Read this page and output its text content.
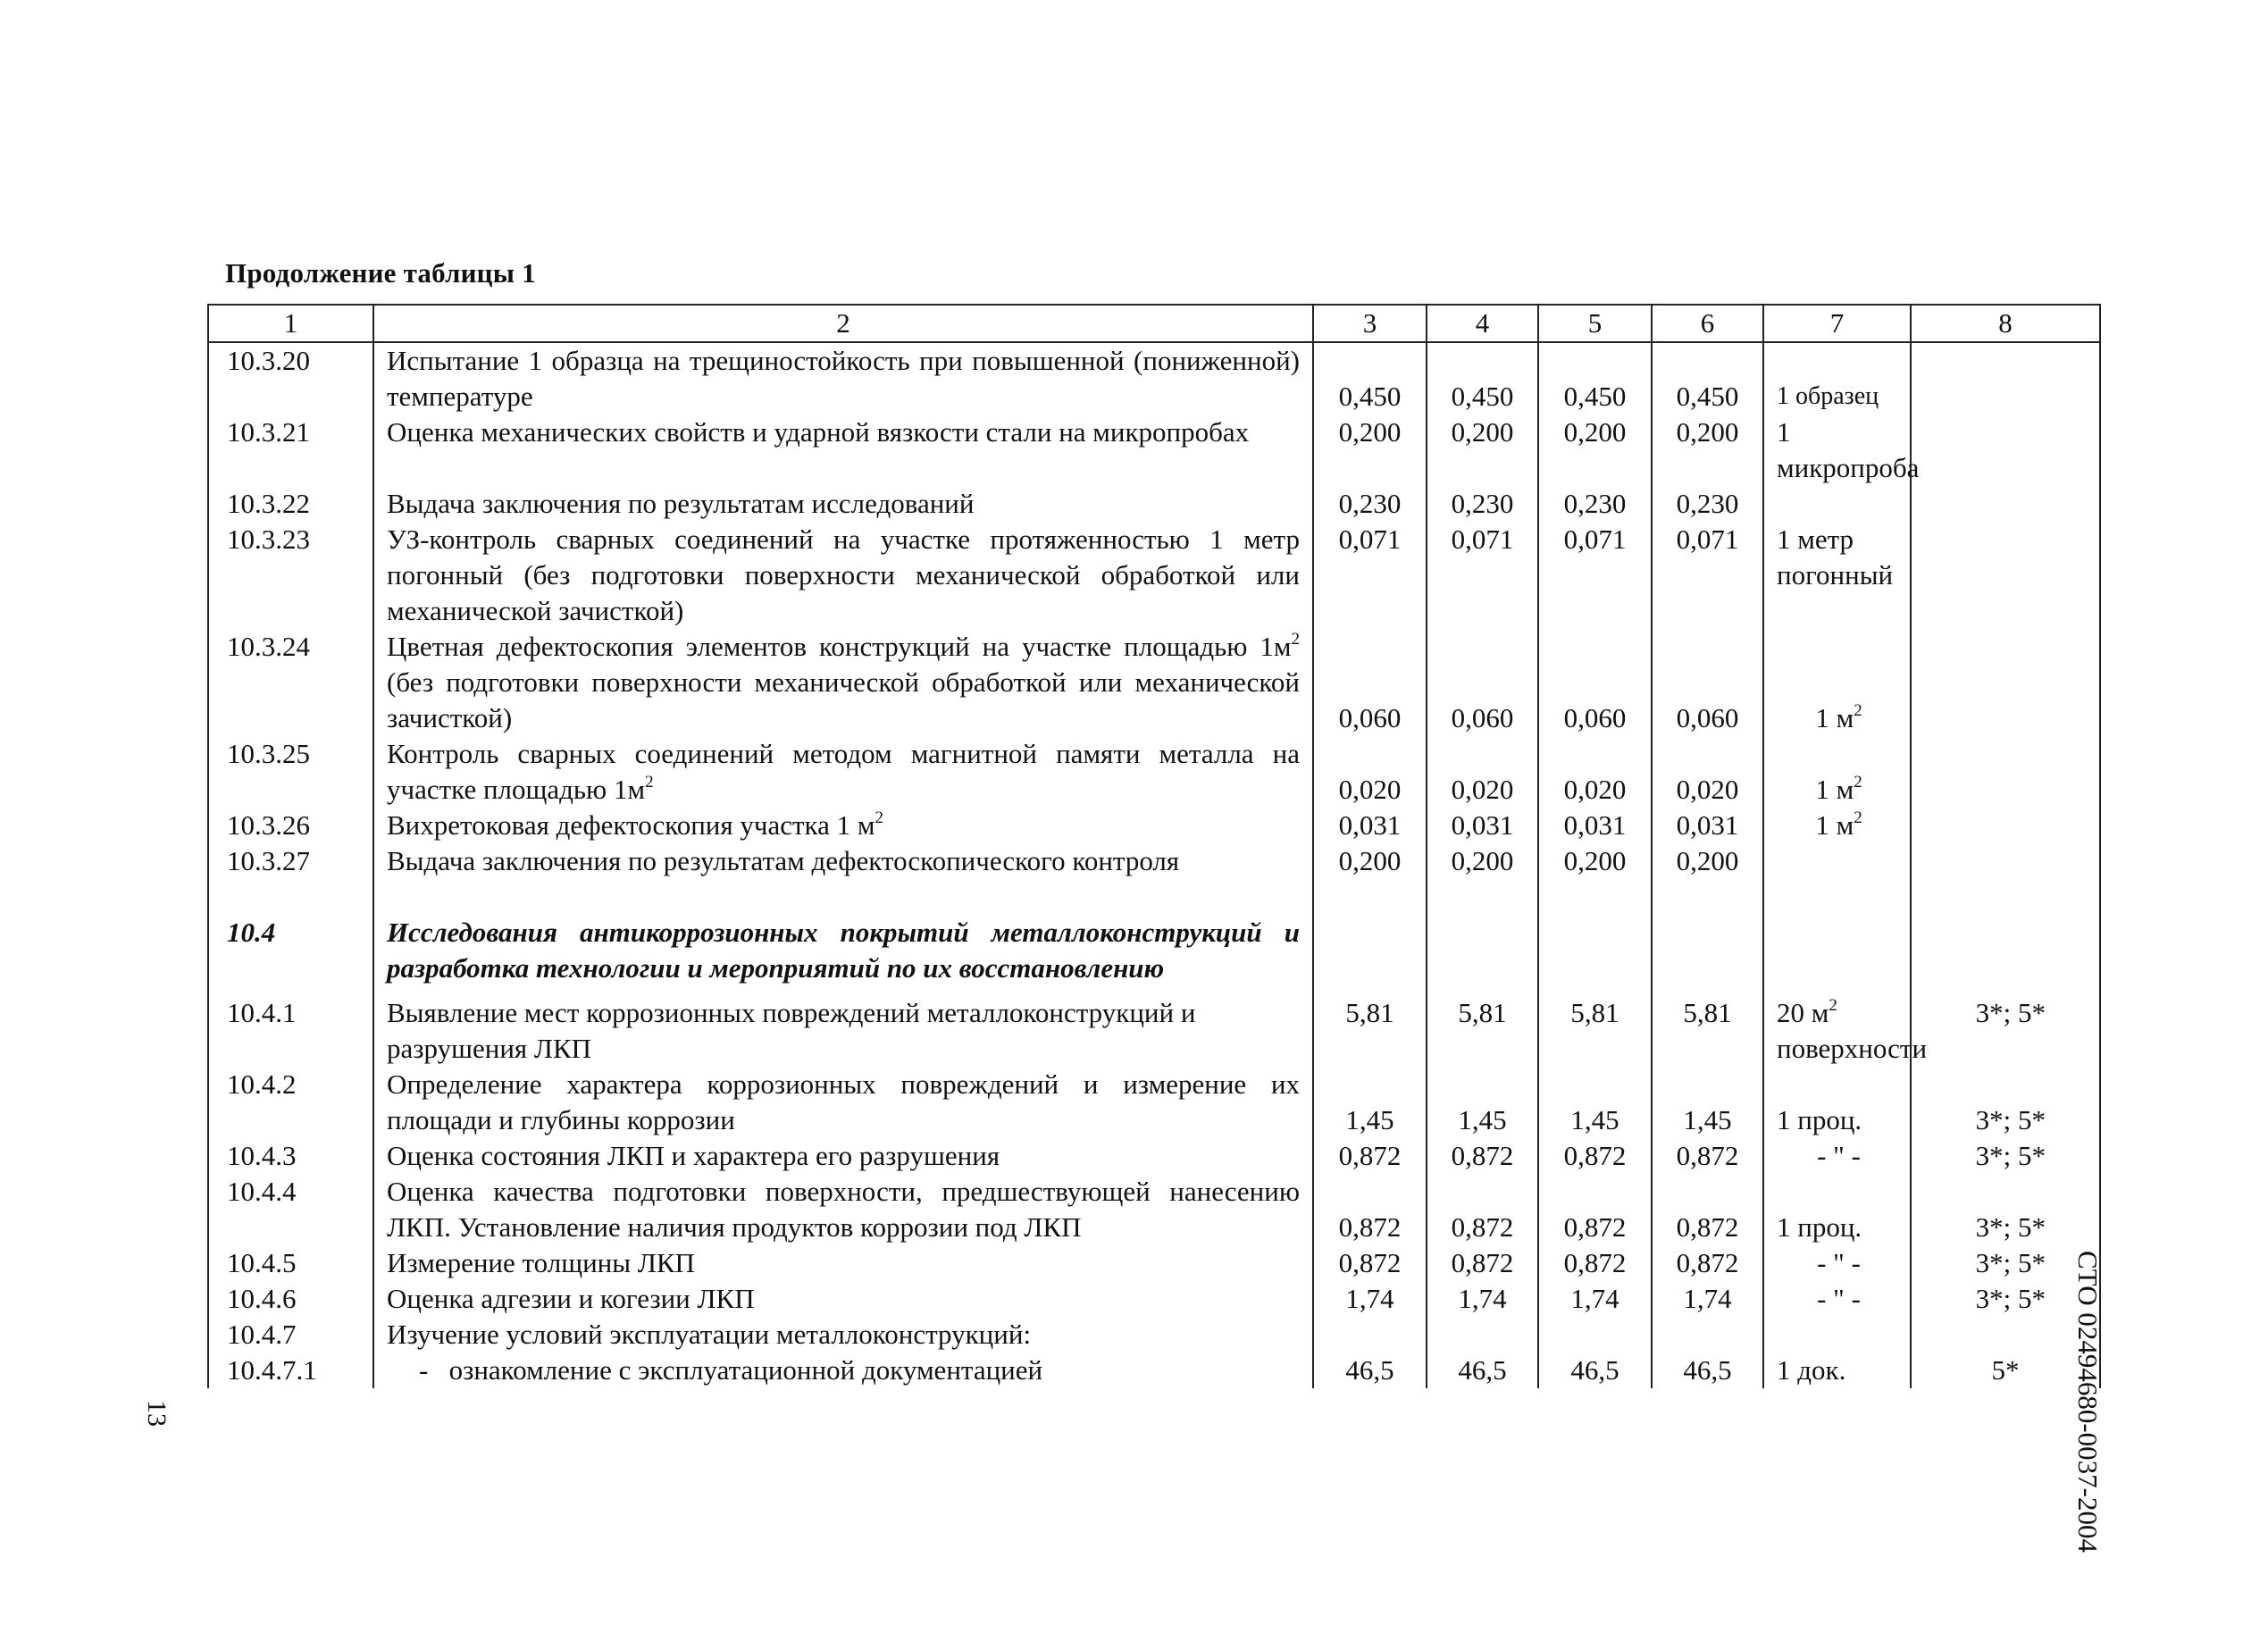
Продолжение таблицы 1
1	2	3	4	5	6	7	8
10.3.20	Испытание 1 образца на трещиностойкость при повышенной (пониженной) температуре	0,450	0,450	0,450	0,450	1 образец	
10.3.21	Оценка механических свойств и ударной вязкости стали на микропробах	0,200	0,200	0,200	0,200	1 микропроба	
10.3.22	Выдача заключения по результатам исследований	0,230	0,230	0,230	0,230		
10.3.23	УЗ-контроль сварных соединений на участке протяженностью 1 метр погонный (без подготовки поверхности механической обработкой или механической зачисткой)	0,071	0,071	0,071	0,071	1 метр погонный	
10.3.24	Цветная дефектоскопия элементов конструкций на участке площадью $1м^2$ (без подготовки поверхности механической обработкой или механической зачисткой)	0,060	0,060	0,060	0,060	1 $м^2$	
10.3.25	Контроль сварных соединений методом магнитной памяти металла на участке площадью $1м^2$	0,020	0,020	0,020	0,020	1 $м^2$	
10.3.26	Вихретоковая дефектоскопия участка 1 $м^2$	0,031	0,031	0,031	0,031	1 $м^2$	
10.3.27	Выдача заключения по результатам дефектоскопического контроля	0,200	0,200	0,200	0,200		

10.4	Исследования антикоррозионных покрытий металлоконструкций и разработка технологии и мероприятий по их восстановлению						

10.4.1	Выявление мест коррозионных повреждений металлоконструкций и разрушения ЛКП	5,81	5,81	5,81	5,81	20 $м^2$ поверхности	3*; 5*
10.4.2	Определение характера коррозионных повреждений и измерение их площади и глубины коррозии	1,45	1,45	1,45	1,45	1 проц.	3*; 5*
10.4.3	Оценка состояния ЛКП и характера его разрушения	0,872	0,872	0,872	0,872	- " -	3*; 5*
10.4.4	Оценка качества подготовки поверхности, предшествующей нанесению ЛКП. Установление наличия продуктов коррозии под ЛКП	0,872	0,872	0,872	0,872	1 проц.	3*; 5*
10.4.5	Измерение толщины ЛКП	0,872	0,872	0,872	0,872	- " -	3*; 5*
10.4.6	Оценка адгезии и когезии ЛКП	1,74	1,74	1,74	1,74	- " -	3*; 5*
10.4.7	Изучение условий эксплуатации металлоконструкций:						
10.4.7.1	-   ознакомление с эксплуатационной документацией	46,5	46,5	46,5	46,5	1 док.	5*
13	СТО 02494680-0037-2004
